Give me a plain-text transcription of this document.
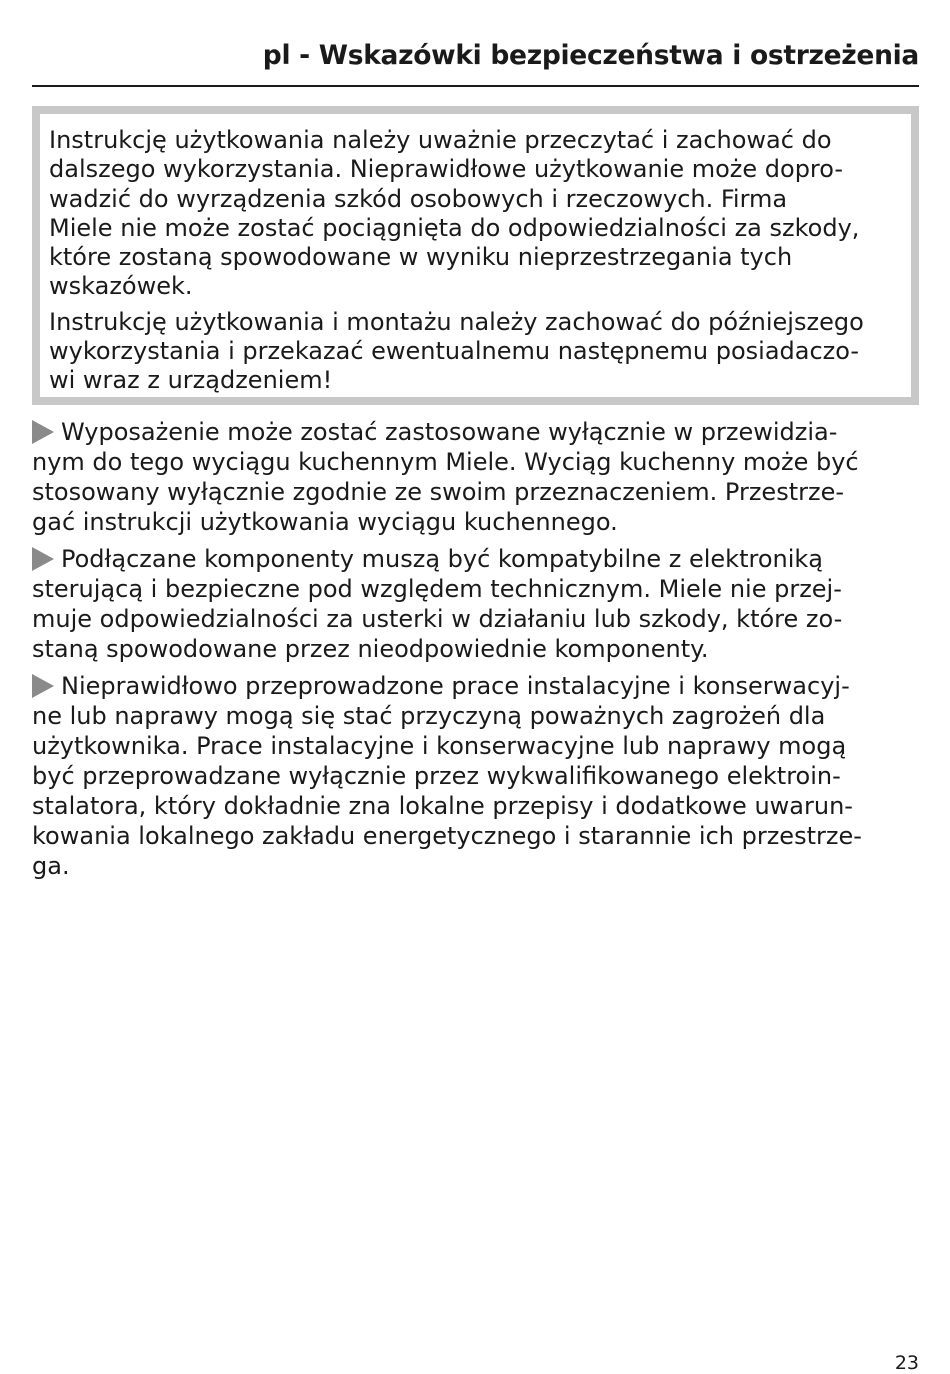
pl - Wskazówki bezpieczeństwa i ostrzeżenia

Instrukcję użytkowania należy uważnie przeczytać i zachować do
dalszego wykorzystania. Nieprawidłowe użytkowanie może dopro-
wadzić do wyrządzenia szkód osobowych i rzeczowych. Firma
Miele nie może zostać pociągnięta do odpowiedzialności za szkody,
które zostaną spowodowane w wyniku nieprzestrzegania tych
wskazówek.

Instrukcję użytkowania i montażu należy zachować do późniejszego
wykorzystania i przekazać ewentualnemu następnemu posiadaczo-
wi wraz z urządzeniem!

Wyposażenie może zostać zastosowane wyłącznie w przewidzia-
nym do tego wyciągu kuchennym Miele. Wyciąg kuchenny może być
stosowany wyłącznie zgodnie ze swoim przeznaczeniem. Przestrze-
gać instrukcji użytkowania wyciągu kuchennego.

Podłączane komponenty muszą być kompatybilne z elektroniką
sterującą i bezpieczne pod względem technicznym. Miele nie przej-
muje odpowiedzialności za usterki w działaniu lub szkody, które zo-
staną spowodowane przez nieodpowiednie komponenty.

Nieprawidłowo przeprowadzone prace instalacyjne i konserwacyj-
ne lub naprawy mogą się stać przyczyną poważnych zagrożeń dla
użytkownika. Prace instalacyjne i konserwacyjne lub naprawy mogą
być przeprowadzane wyłącznie przez wykwalifikowanego elektroin-
stalatora, który dokładnie zna lokalne przepisy i dodatkowe uwarun-
kowania lokalnego zakładu energetycznego i starannie ich przestrze-
ga.

23
